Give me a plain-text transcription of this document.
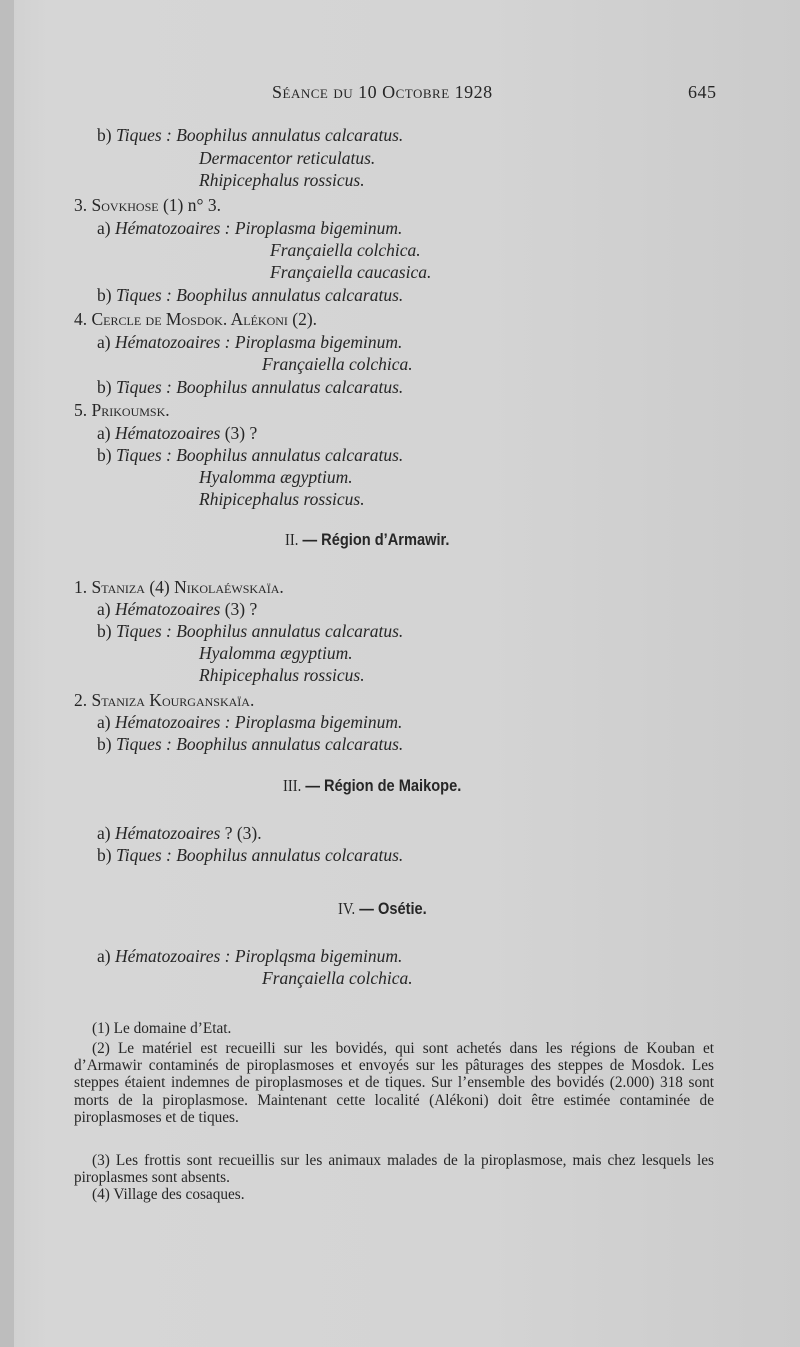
Séance du 10 Octobre 1928	645
b) Tiques : Boophilus annulatus calcaratus.
Dermacentor reticulatus.
Rhipicephalus rossicus.
3. Sovkhose (1) n° 3.
a) Hématozoaires : Piroplasma bigeminum.
Françaiella colchica.
Françaiella caucasica.
b) Tiques : Boophilus annulatus calcaratus.
4. Cercle de Mosdok. Alékoni (2).
a) Hématozoaires : Piroplasma bigeminum.
Françaiella colchica.
b) Tiques : Boophilus annulatus calcaratus.
5. Prikoumsk.
a) Hématozoaires (3) ?
b) Tiques : Boophilus annulatus calcaratus.
Hyalomma ægyptium.
Rhipicephalus rossicus.
II. — Région d’Armawir.
1. Staniza (4) Nikolaéwskaïa.
a) Hématozoaires (3) ?
b) Tiques : Boophilus annulatus calcaratus.
Hyalomma ægyptium.
Rhipicephalus rossicus.
2. Staniza Kourganskaïa.
a) Hématozoaires : Piroplasma bigeminum.
b) Tiques : Boophilus annulatus calcaratus.
III. — Région de Maikope.
a) Hématozoaires ? (3).
b) Tiques : Boophilus annulatus colcaratus.
IV. — Osétie.
a) Hématozoaires : Piroplqsma bigeminum.
Françaiella colchica.

(1) Le domaine d’Etat.

(2) Le matériel est recueilli sur les bovidés, qui sont achetés dans les régions de Kouban et d’Armawir contaminés de piroplasmoses et envoyés sur les pâturages des steppes de Mosdok. Les steppes étaient indemnes de piroplasmoses et de tiques. Sur l’ensemble des bovidés (2.000) 318 sont morts de la piroplasmose. Maintenant cette localité (Alékoni) doit être estimée contaminée de piroplasmoses et de tiques.

(3) Les frottis sont recueillis sur les animaux malades de la piroplasmose, mais chez lesquels les piroplasmes sont absents.

(4) Village des cosaques.
